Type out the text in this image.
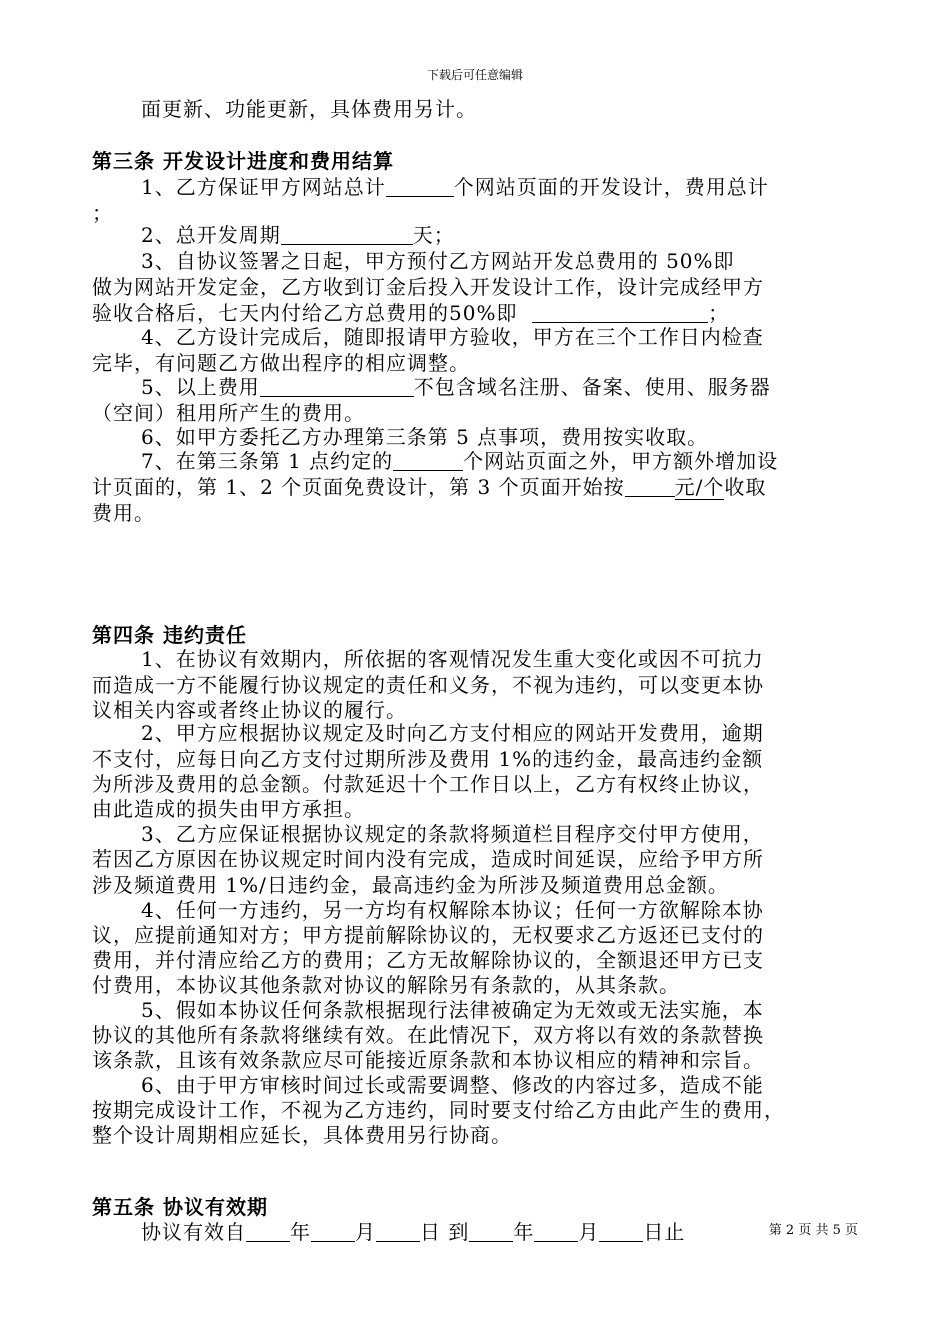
下载后可任意编辑
面更新、功能更新，具体费用另计。
第三条 开发设计进度和费用结算
1、乙方保证甲方网站总计	个网站页面的开发设计，费用总计
；
2、总开发周期	天；
3、自协议签署之日起，甲方预付乙方网站开发总费用的 50%即
做为网站开发定金，乙方收到订金后投入开发设计工作，设计完成经甲方
验收合格后，七天内付给乙方总费用的50%即	；
4、乙方设计完成后，随即报请甲方验收，甲方在三个工作日内检查
完毕，有问题乙方做出程序的相应调整。
5、以上费用	不包含域名注册、备案、使用、服务器
（空间）租用所产生的费用。
6、如甲方委托乙方办理第三条第 5 点事项，费用按实收取。
7、在第三条第 1 点约定的	个网站页面之外，甲方额外增加设
计页面的，第 1、2 个页面免费设计，第 3 个页面开始按	元/个收取
费用。
第四条 违约责任
1、在协议有效期内，所依据的客观情况发生重大变化或因不可抗力
而造成一方不能履行协议规定的责任和义务，不视为违约，可以变更本协
议相关内容或者终止协议的履行。
2、甲方应根据协议规定及时向乙方支付相应的网站开发费用，逾期
不支付，应每日向乙方支付过期所涉及费用 1%的违约金，最高违约金额
为所涉及费用的总金额。付款延迟十个工作日以上，乙方有权终止协议，
由此造成的损失由甲方承担。
3、乙方应保证根据协议规定的条款将频道栏目程序交付甲方使用，
若因乙方原因在协议规定时间内没有完成，造成时间延误，应给予甲方所
涉及频道费用 1%/日违约金，最高违约金为所涉及频道费用总金额。
4、任何一方违约，另一方均有权解除本协议；任何一方欲解除本协
议，应提前通知对方；甲方提前解除协议的，无权要求乙方返还已支付的
费用，并付清应给乙方的费用；乙方无故解除协议的，全额退还甲方已支
付费用，本协议其他条款对协议的解除另有条款的，从其条款。
5、假如本协议任何条款根据现行法律被确定为无效或无法实施，本
协议的其他所有条款将继续有效。在此情况下，双方将以有效的条款替换
该条款，且该有效条款应尽可能接近原条款和本协议相应的精神和宗旨。
6、由于甲方审核时间过长或需要调整、修改的内容过多，造成不能
按期完成设计工作，不视为乙方违约，同时要支付给乙方由此产生的费用，
整个设计周期相应延长，具体费用另行协商。
第五条 协议有效期
协议有效自 年 月 日 到 年 月 日止	第 2 页 共 5 页
